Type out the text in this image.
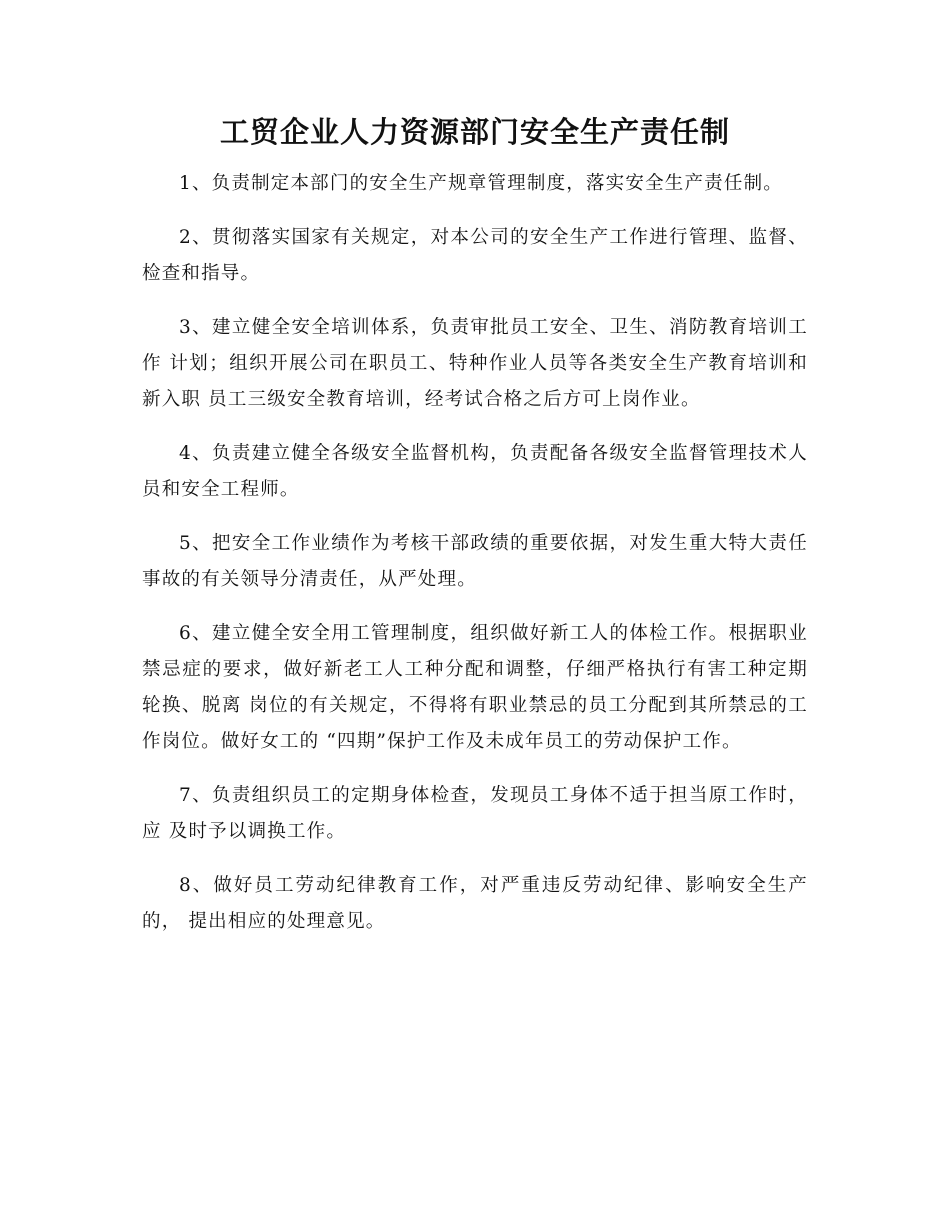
工贸企业人力资源部门安全生产责任制

1、负责制定本部门的安全生产规章管理制度，落实安全生产责任制。

2、贯彻落实国家有关规定，对本公司的安全生产工作进行管理、监督、检查和指导。

3、建立健全安全培训体系，负责审批员工安全、卫生、消防教育培训工作 计划；组织开展公司在职员工、特种作业人员等各类安全生产教育培训和新入职 员工三级安全教育培训，经考试合格之后方可上岗作业。

4、负责建立健全各级安全监督机构，负责配备各级安全监督管理技术人员和安全工程师。

5、把安全工作业绩作为考核干部政绩的重要依据，对发生重大特大责任事故的有关领导分清责任，从严处理。

6、建立健全安全用工管理制度，组织做好新工人的体检工作。根据职业禁忌症的要求，做好新老工人工种分配和调整，仔细严格执行有害工种定期轮换、脱离 岗位的有关规定，不得将有职业禁忌的员工分配到其所禁忌的工作岗位。做好女工的 “四期”保护工作及未成年员工的劳动保护工作。

7、负责组织员工的定期身体检查，发现员工身体不适于担当原工作时，应 及时予以调换工作。

8、做好员工劳动纪律教育工作，对严重违反劳动纪律、影响安全生产的， 提出相应的处理意见。
